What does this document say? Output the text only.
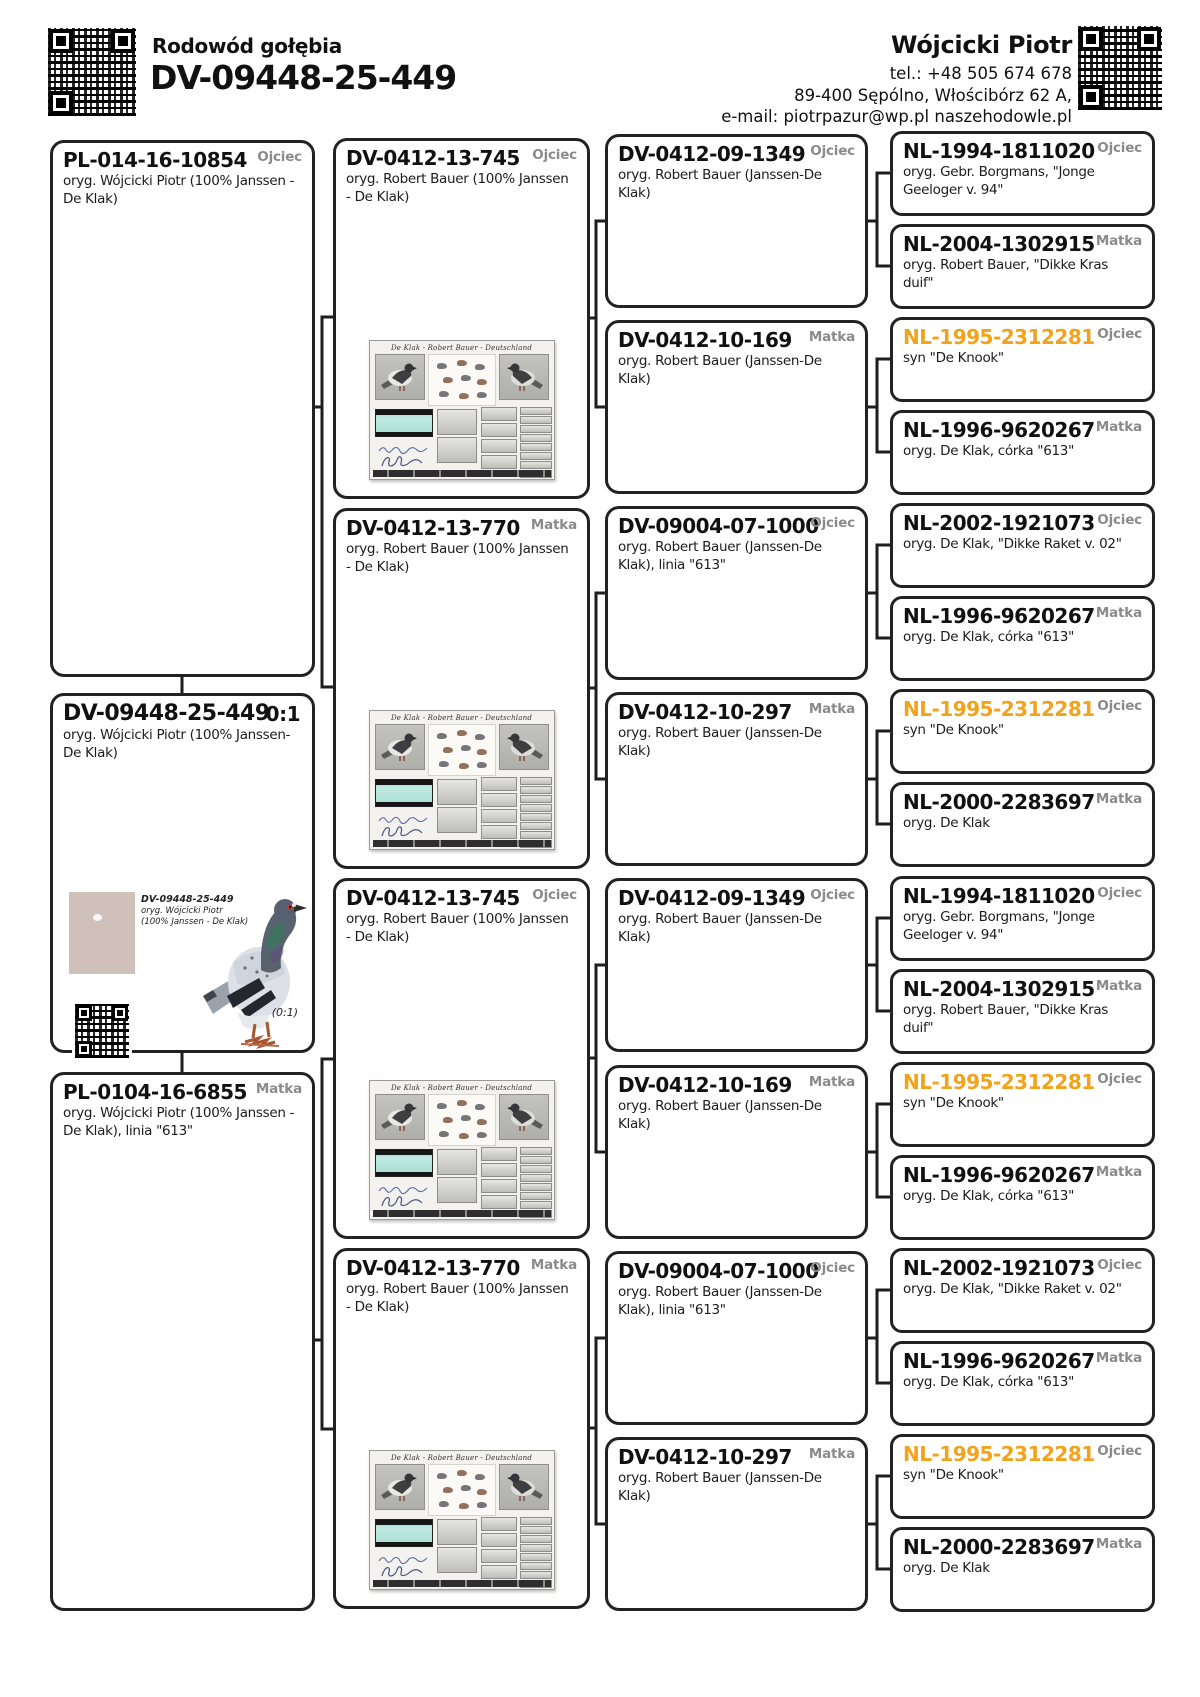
Rodowód gołębia
DV-09448-25-449
Wójcicki Piotr
tel.: +48 505 674 678
89-400 Sępólno, Włościbórz 62 A,
e-mail: piotrpazur@wp.pl naszehodowle.pl
PL-014-16-10854 Ojciec
oryg. Wójcicki Piotr (100% Janssen - De Klak)
DV-09448-25-449
0:1
oryg. Wójcicki Piotr (100% Janssen- De Klak)
DV-09448-25-449
oryg. Wójcicki Piotr
(100% Janssen - De Klak)
(0:1)
PL-0104-16-6855 Matka
oryg. Wójcicki Piotr (100% Janssen - De Klak), linia "613"
DV-0412-13-745 Ojciec
oryg. Robert Bauer (100% Janssen - De Klak)
De Klak - Robert Bauer - Deutschland
DV-0412-13-770 Matka
oryg. Robert Bauer (100% Janssen - De Klak)
De Klak - Robert Bauer - Deutschland
DV-0412-13-745 Ojciec
oryg. Robert Bauer (100% Janssen - De Klak)
De Klak - Robert Bauer - Deutschland
DV-0412-13-770 Matka
oryg. Robert Bauer (100% Janssen - De Klak)
De Klak - Robert Bauer - Deutschland
DV-0412-09-1349 Ojciec
oryg. Robert Bauer (Janssen-De Klak)
DV-0412-10-169 Matka
oryg. Robert Bauer (Janssen-De Klak)
DV-09004-07-1000
Ojciec
oryg. Robert Bauer (Janssen-De Klak), linia "613"
DV-0412-10-297 Matka
oryg. Robert Bauer (Janssen-De Klak)
DV-0412-09-1349 Ojciec
oryg. Robert Bauer (Janssen-De Klak)
DV-0412-10-169 Matka
oryg. Robert Bauer (Janssen-De Klak)
DV-09004-07-1000
Ojciec
oryg. Robert Bauer (Janssen-De Klak), linia "613"
DV-0412-10-297 Matka
oryg. Robert Bauer (Janssen-De Klak)
NL-1994-1811020 Ojciec
oryg. Gebr. Borgmans, "Jonge Geeloger v. 94"
NL-2004-1302915 Matka
oryg. Robert Bauer, "Dikke Kras duif"
NL-1995-2312281 Ojciec
syn "De Knook"
NL-1996-9620267 Matka
oryg. De Klak, córka "613"
NL-2002-1921073 Ojciec
oryg. De Klak, "Dikke Raket v. 02"
NL-1996-9620267 Matka
oryg. De Klak, córka "613"
NL-1995-2312281 Ojciec
syn "De Knook"
NL-2000-2283697 Matka
oryg. De Klak
NL-1994-1811020 Ojciec
oryg. Gebr. Borgmans, "Jonge Geeloger v. 94"
NL-2004-1302915 Matka
oryg. Robert Bauer, "Dikke Kras duif"
NL-1995-2312281 Ojciec
syn "De Knook"
NL-1996-9620267 Matka
oryg. De Klak, córka "613"
NL-2002-1921073 Ojciec
oryg. De Klak, "Dikke Raket v. 02"
NL-1996-9620267 Matka
oryg. De Klak, córka "613"
NL-1995-2312281 Ojciec
syn "De Knook"
NL-2000-2283697 Matka
oryg. De Klak
